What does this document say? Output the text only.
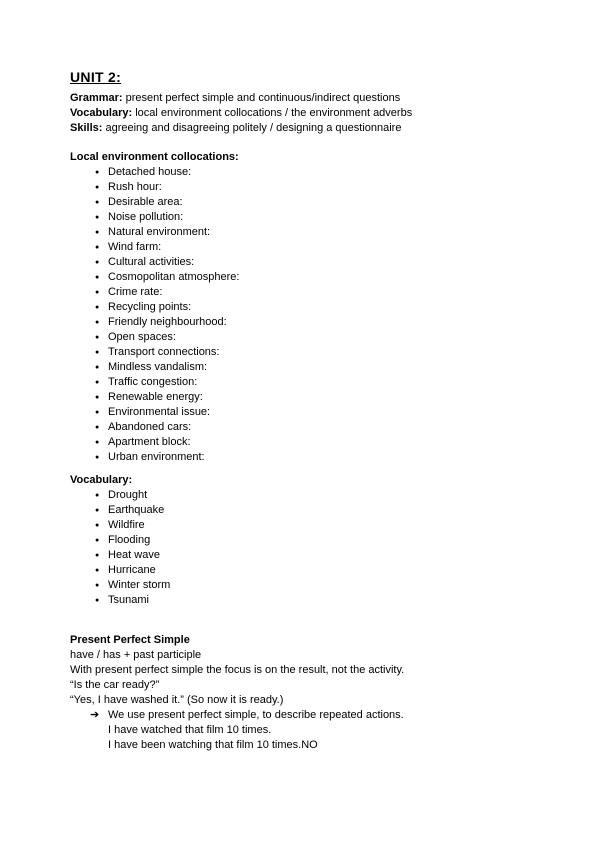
UNIT 2:
Grammar: present perfect simple and continuous/indirect questions
Vocabulary: local environment collocations / the environment adverbs
Skills: agreeing and disagreeing politely / designing a questionnaire
Local environment collocations:
● Detached house:
● Rush hour:
● Desirable area:
● Noise pollution:
● Natural environment:
● Wind farm:
● Cultural activities:
● Cosmopolitan atmosphere:
● Crime rate:
● Recycling points:
● Friendly neighbourhood:
● Open spaces:
● Transport connections:
● Mindless vandalism:
● Traffic congestion:
● Renewable energy:
● Environmental issue:
● Abandoned cars:
● Apartment block:
● Urban environment:
Vocabulary:
● Drought
● Earthquake
● Wildfire
● Flooding
● Heat wave
● Hurricane
● Winter storm
● Tsunami
Present Perfect Simple
have / has + past participle
With present perfect simple the focus is on the result, not the activity.
“Is the car ready?”
“Yes, I have washed it.” (So now it is ready.)
➔ We use present perfect simple, to describe repeated actions.
I have watched that film 10 times.
I have been watching that film 10 times.NO
